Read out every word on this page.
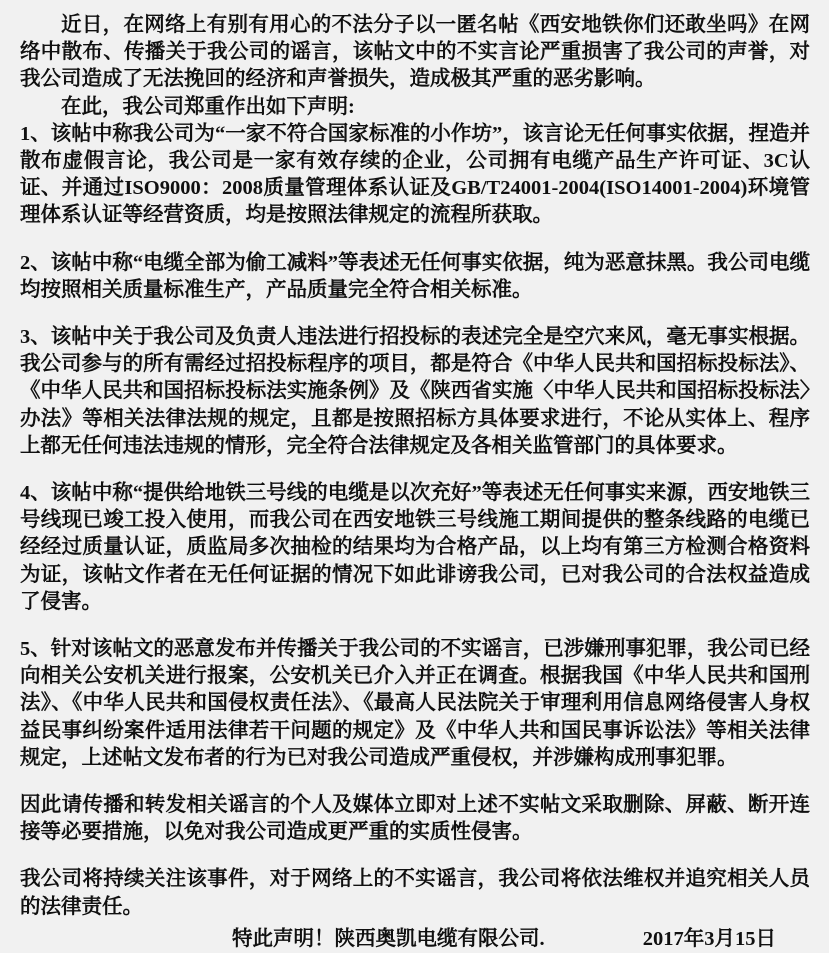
近日，在网络上有别有用心的不法分子以一匿名帖《西安地铁你们还敢坐吗》在网络中散布、传播关于我公司的谣言，该帖文中的不实言论严重损害了我公司的声誉，对我公司造成了无法挽回的经济和声誉损失，造成极其严重的恶劣影响。

在此，我公司郑重作出如下声明:

1、该帖中称我公司为“一家不符合国家标准的小作坊”，该言论无任何事实依据，捏造并散布虚假言论，我公司是一家有效存续的企业，公司拥有电缆产品生产许可证、3C认证、并通过ISO9000：2008质量管理体系认证及GB/T24001-2004(ISO14001-2004)环境管理体系认证等经营资质，均是按照法律规定的流程所获取。

2、该帖中称“电缆全部为偷工减料”等表述无任何事实依据，纯为恶意抹黑。我公司电缆均按照相关质量标准生产，产品质量完全符合相关标准。

3、该帖中关于我公司及负责人违法进行招投标的表述完全是空穴来风，毫无事实根据。我公司参与的所有需经过招投标程序的项目，都是符合《中华人民共和国招标投标法》、《中华人民共和国招标投标法实施条例》及《陕西省实施〈中华人民共和国招标投标法〉办法》等相关法律法规的规定，且都是按照招标方具体要求进行，不论从实体上、程序上都无任何违法违规的情形，完全符合法律规定及各相关监管部门的具体要求。

4、该帖中称“提供给地铁三号线的电缆是以次充好”等表述无任何事实来源，西安地铁三号线现已竣工投入使用，而我公司在西安地铁三号线施工期间提供的整条线路的电缆已经经过质量认证，质监局多次抽检的结果均为合格产品，以上均有第三方检测合格资料为证，该帖文作者在无任何证据的情况下如此诽谤我公司，已对我公司的合法权益造成了侵害。

5、针对该帖文的恶意发布并传播关于我公司的不实谣言，已涉嫌刑事犯罪，我公司已经向相关公安机关进行报案，公安机关已介入并正在调查。根据我国《中华人民共和国刑法》、《中华人民共和国侵权责任法》、《最高人民法院关于审理利用信息网络侵害人身权益民事纠纷案件适用法律若干问题的规定》及《中华人共和国民事诉讼法》等相关法律规定，上述帖文发布者的行为已对我公司造成严重侵权，并涉嫌构成刑事犯罪。

因此请传播和转发相关谣言的个人及媒体立即对上述不实帖文采取删除、屏蔽、断开连接等必要措施，以免对我公司造成更严重的实质性侵害。

我公司将持续关注该事件，对于网络上的不实谣言，我公司将依法维权并追究相关人员的法律责任。

特此声明！陕西奥凯电缆有限公司.	2017年3月15日
